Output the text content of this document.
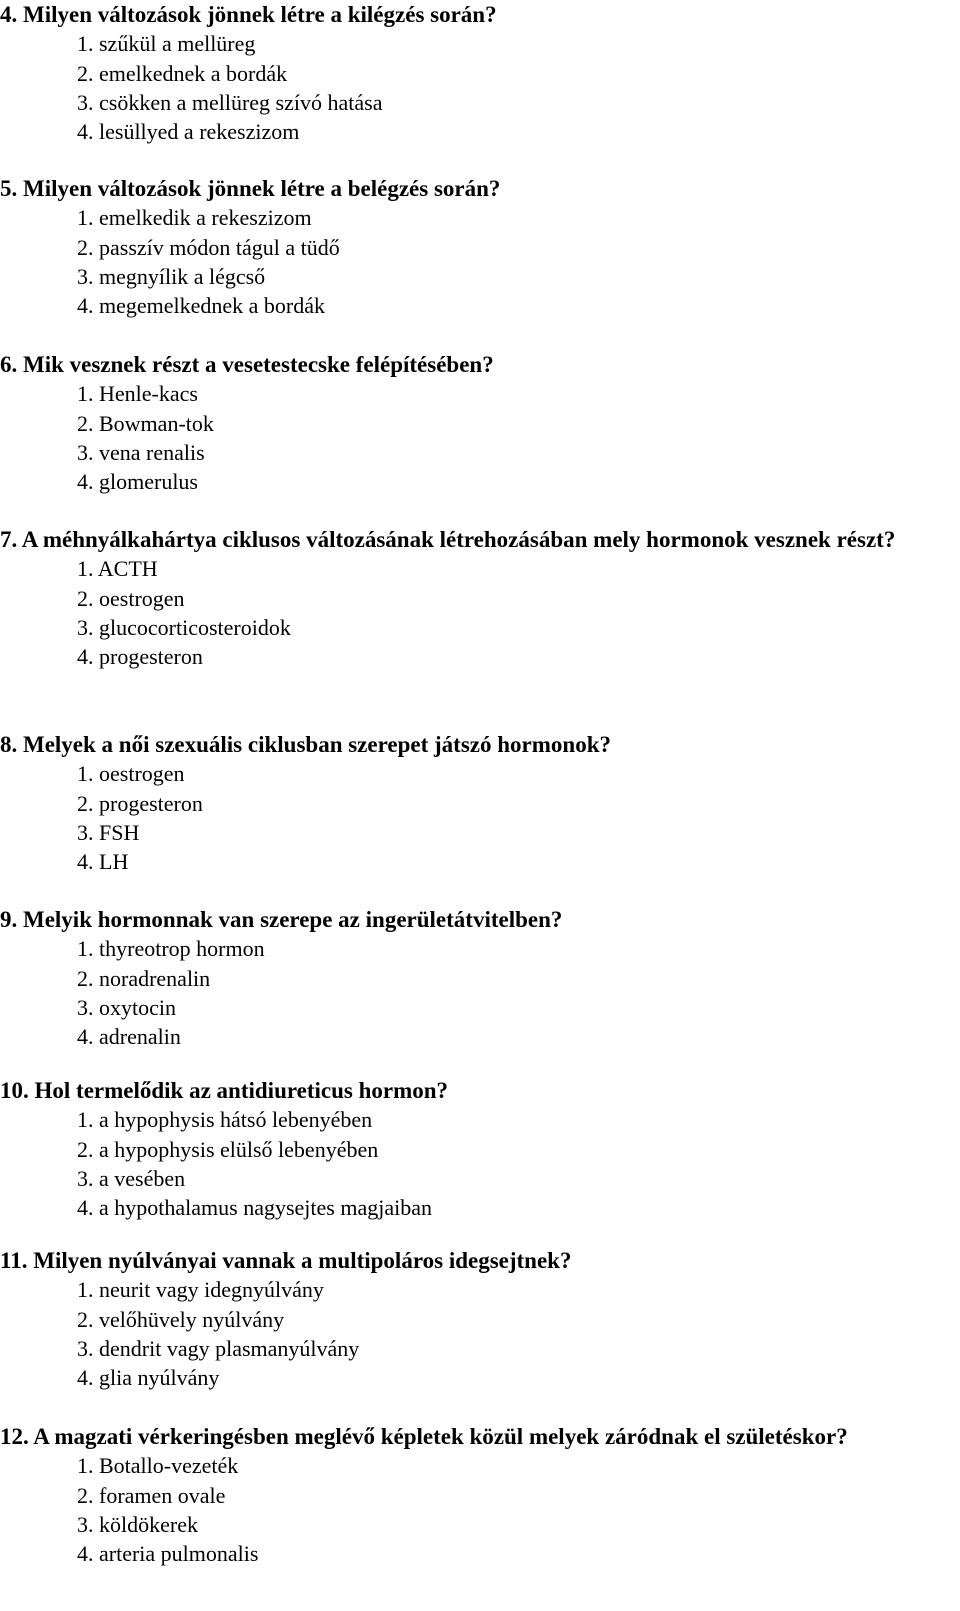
4. Milyen változások jönnek létre a kilégzés során?

1. szűkül a mellüreg

2. emelkednek a bordák

3. csökken a mellüreg szívó hatása

4. lesüllyed a rekeszizom

5. Milyen változások jönnek létre a belégzés során?

1. emelkedik a rekeszizom

2. passzív módon tágul a tüdő

3. megnyílik a légcső

4. megemelkednek a bordák

6. Mik vesznek részt a vesetestecske felépítésében?

1. Henle-kacs

2. Bowman-tok

3. vena renalis

4. glomerulus

7. A méhnyálkahártya ciklusos változásának létrehozásában mely hormonok vesznek részt?

1. ACTH

2. oestrogen

3. glucocorticosteroidok

4. progesteron

8. Melyek a női szexuális ciklusban szerepet játszó hormonok?

1. oestrogen

2. progesteron

3. FSH

4. LH

9. Melyik hormonnak van szerepe az ingerületátvitelben?

1. thyreotrop hormon

2. noradrenalin

3. oxytocin

4. adrenalin

10. Hol termelődik az antidiureticus hormon?

1. a hypophysis hátsó lebenyében

2. a hypophysis elülső lebenyében

3. a vesében

4. a hypothalamus nagysejtes magjaiban

11. Milyen nyúlványai vannak a multipoláros idegsejtnek?

1. neurit vagy idegnyúlvány

2. velőhüvely nyúlvány

3. dendrit vagy plasmanyúlvány

4. glia nyúlvány

12. A magzati vérkeringésben meglévő képletek közül melyek záródnak el születéskor?

1. Botallo-vezeték

2. foramen ovale

3. köldökerek

4. arteria pulmonalis
